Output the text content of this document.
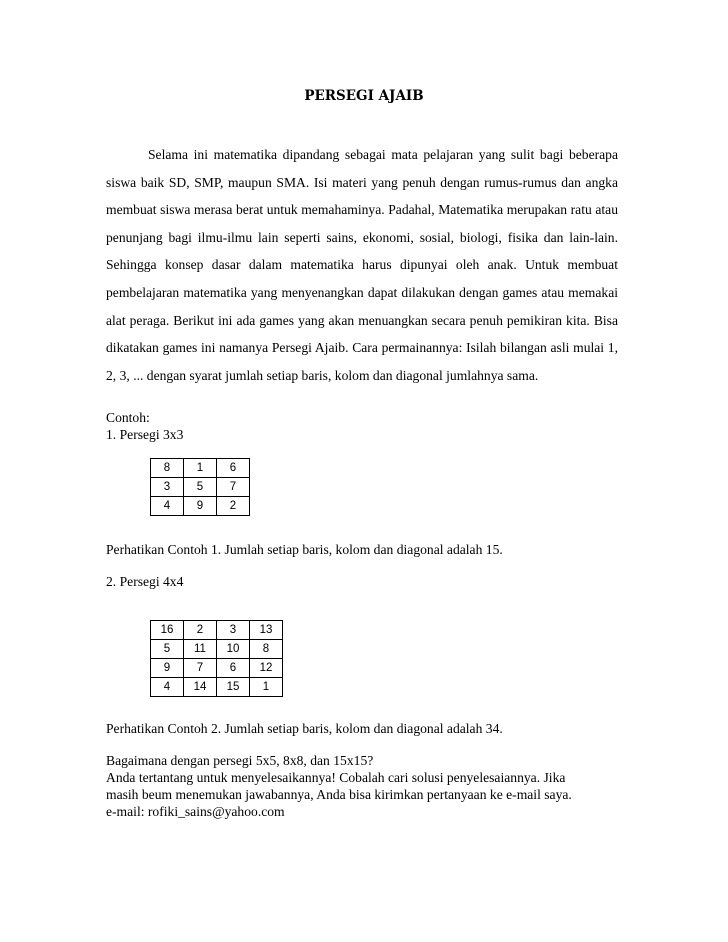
PERSEGI AJAIB

Selama ini matematika dipandang sebagai mata pelajaran yang sulit bagi beberapa siswa baik SD, SMP, maupun SMA. Isi materi yang penuh dengan rumus-rumus dan angka membuat siswa merasa berat untuk memahaminya. Padahal, Matematika merupakan ratu atau penunjang bagi ilmu-ilmu lain seperti sains, ekonomi, sosial, biologi, fisika dan lain-lain. Sehingga konsep dasar dalam matematika harus dipunyai oleh anak. Untuk membuat pembelajaran matematika yang menyenangkan dapat dilakukan dengan games atau memakai alat peraga. Berikut ini ada games yang akan menuangkan secara penuh pemikiran kita. Bisa dikatakan games ini namanya Persegi Ajaib. Cara permainannya: Isilah bilangan asli mulai 1, 2, 3, ... dengan syarat jumlah setiap baris, kolom dan diagonal jumlahnya sama.

Contoh:
1. Persegi 3x3
8	1	6
3	5	7
4	9	2
Perhatikan Contoh 1. Jumlah setiap baris, kolom dan diagonal adalah 15.
2. Persegi 4x4
16	2	3	13
5	11	10	8
9	7	6	12
4	14	15	1
Perhatikan Contoh 2. Jumlah setiap baris, kolom dan diagonal adalah 34.
Bagaimana dengan persegi 5x5, 8x8, dan 15x15?
Anda tertantang untuk menyelesaikannya! Cobalah cari solusi penyelesaiannya. Jika
masih beum menemukan jawabannya, Anda bisa kirimkan pertanyaan ke e-mail saya.
e-mail: rofiki_sains@yahoo.com
